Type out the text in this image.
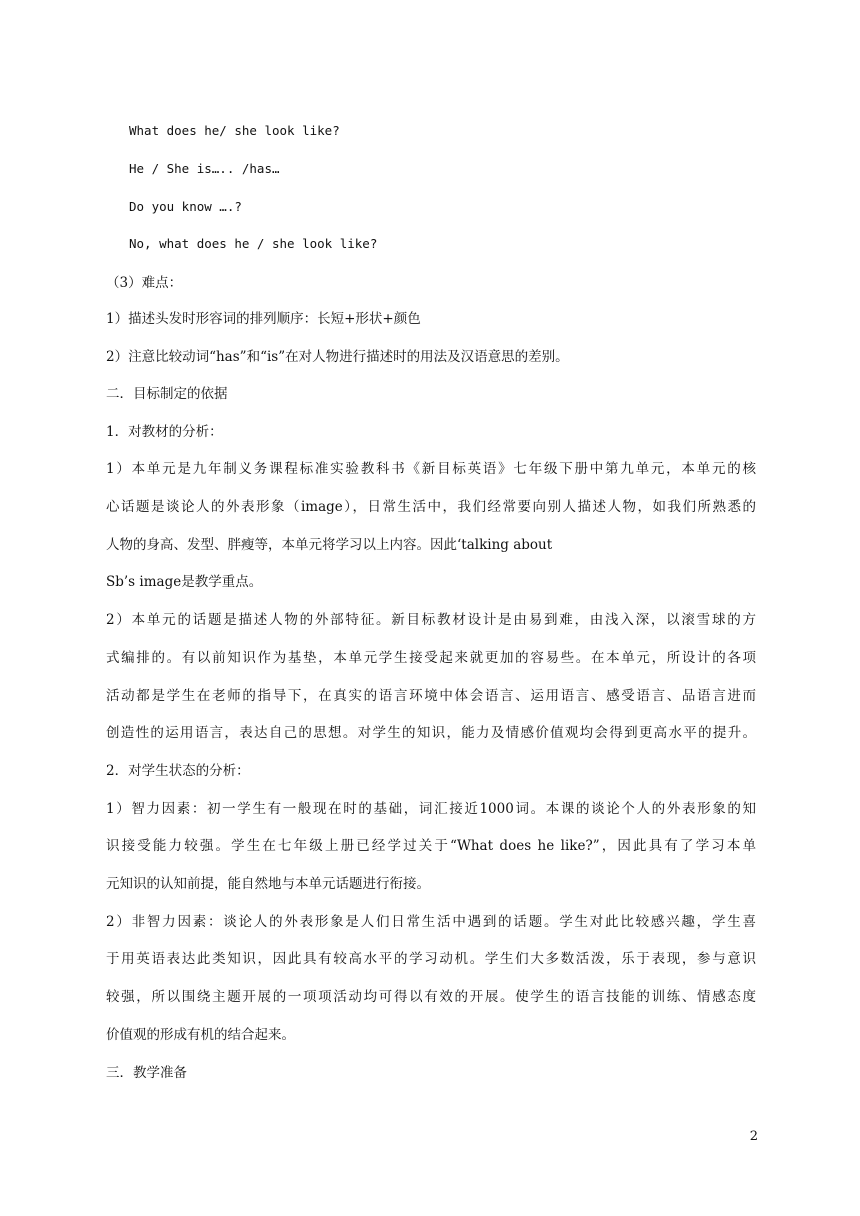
What does he/ she look like?
He / She is….. /has…
Do you know ….?
No, what does he / she look like?
（3）难点：
1）描述头发时形容词的排列顺序：长短+形状+颜色
2）注意比较动词“has”和“is”在对人物进行描述时的用法及汉语意思的差别。
二．目标制定的依据
1．对教材的分析：
1）本单元是九年制义务课程标准实验教科书《新目标英语》七年级下册中第九单元，本单元的核
心话题是谈论人的外表形象（image），日常生活中，我们经常要向别人描述人物，如我们所熟悉的
人物的身高、发型、胖瘦等，本单元将学习以上内容。因此‘talking about
Sb’s image是教学重点。
2）本单元的话题是描述人物的外部特征。新目标教材设计是由易到难，由浅入深，以滚雪球的方
式编排的。有以前知识作为基垫，本单元学生接受起来就更加的容易些。在本单元，所设计的各项
活动都是学生在老师的指导下，在真实的语言环境中体会语言、运用语言、感受语言、品语言进而
创造性的运用语言，表达自己的思想。对学生的知识，能力及情感价值观均会得到更高水平的提升。
2．对学生状态的分析：
1）智力因素：初一学生有一般现在时的基础，词汇接近1000词。本课的谈论个人的外表形象的知
识接受能力较强。学生在七年级上册已经学过关于“What does he like?”，因此具有了学习本单
元知识的认知前提，能自然地与本单元话题进行衔接。
2）非智力因素：谈论人的外表形象是人们日常生活中遇到的话题。学生对此比较感兴趣，学生喜
于用英语表达此类知识，因此具有较高水平的学习动机。学生们大多数活泼，乐于表现，参与意识
较强，所以围绕主题开展的一项项活动均可得以有效的开展。使学生的语言技能的训练、情感态度
价值观的形成有机的结合起来。
三．教学准备
2
